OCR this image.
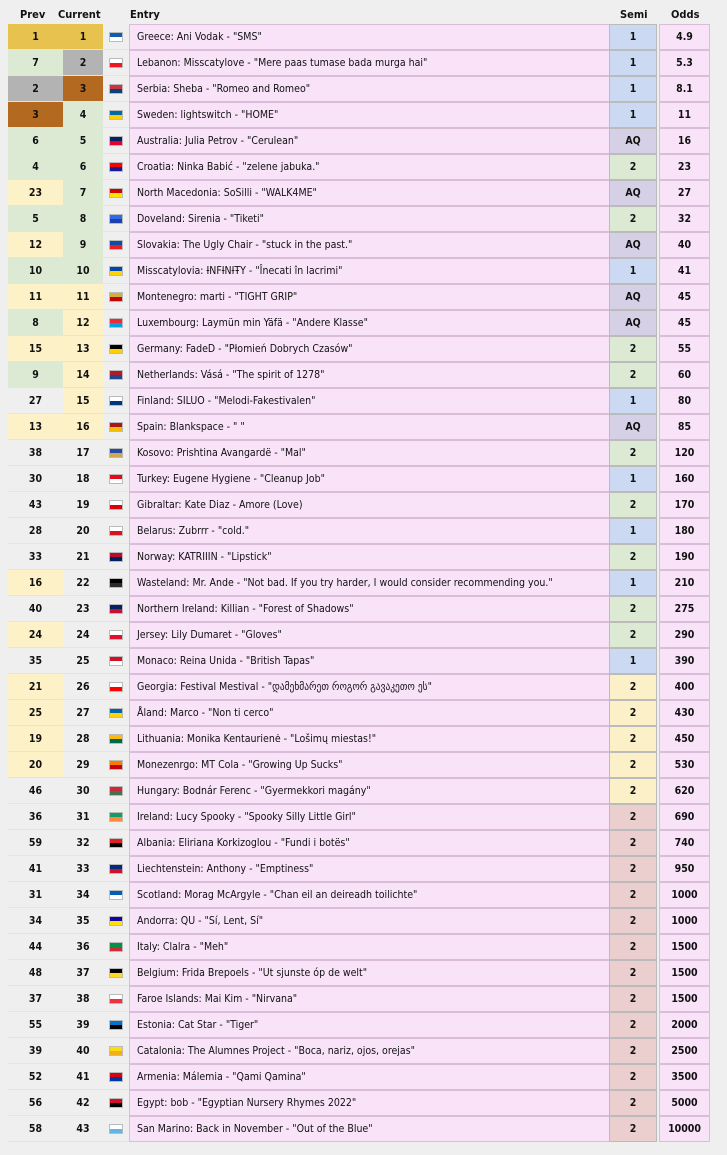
Prev Current	Entry	Semi Odds
1	1	Greece: Ani Vodak - "SMS"	1	4.9
7	2	Lebanon: Misscatylove - "Mere paas tumase bada murga hai"	1	5.3
2	3	Serbia: Sheba - "Romeo and Romeo"	1	8.1
3	4	Sweden: lightswitch - "HOME"	1	11
6	5	Australia: Julia Petrov - "Cerulean"	AQ	16
4	6	Croatia: Ninka Babić - "zelene jabuka."	2	23
23	7	North Macedonia: SoSilli - "WALK4ME"	AQ	27
5	8	Doveland: Sirenia - "Tiketi"	2	32
12	9	Slovakia: The Ugly Chair - "stuck in the past."	AQ	40
10	10	Misscatylovia: ƗNFƗNƗŦY - "Înecati în lacrimi"	1	41
11	11	Montenegro: marti - "TIGHT GRIP"	AQ	45
8	12	Luxembourg: Laymün min Yäfä - "Andere Klasse"	AQ	45
15	13	Germany: FadeD - "Płomień Dobrych Czasów"	2	55
9	14	Netherlands: Vásá - "The spirit of 1278"	2	60
27	15	Finland: SILUO - "Melodi-Fakestivalen"	1	80
13	16	Spain: Blankspace - " "	AQ	85
38	17	Kosovo: Prishtina Avangardë - "Mal"	2	120
30	18	Turkey: Eugene Hygiene - "Cleanup Job"	1	160
43	19	Gibraltar: Kate Diaz - Amore (Love)	2	170
28	20	Belarus: Zubrrr - "cold."	1	180
33	21	Norway: KATRIIIN - "Lipstick"	2	190
16	22	Wasteland: Mr. Ande - "Not bad. If you try harder, I would consider recommending you."	1	210
40	23	Northern Ireland: Killian - "Forest of Shadows"	2	275
24	24	Jersey: Lily Dumaret - "Gloves"	2	290
35	25	Monaco: Reina Unida - "British Tapas"	1	390
21	26	Georgia: Festival Mestival - "დამეხმარეთ როგორ გავაკეთო ეს"	2	400
25	27	Åland: Marco - "Non ti cerco"	2	430
19	28	Lithuania: Monika Kentaurienė - "Lošimų miestas!"	2	450
20	29	Monezenrgo: MT Cola - "Growing Up Sucks"	2	530
46	30	Hungary: Bodnár Ferenc - "Gyermekkori magány"	2	620
36	31	Ireland: Lucy Spooky - "Spooky Silly Little Girl"	2	690
59	32	Albania: Eliriana Korkizoglou - "Fundi i botës"	2	740
41	33	Liechtenstein: Anthony - "Emptiness"	2	950
31	34	Scotland: Morag McArgyle - "Chan eil an deireadh toilichte"	2	1000
34	35	Andorra: QU - "Sí, Lent, Sí"	2	1000
44	36	Italy: Clalra - "Meh"	2	1500
48	37	Belgium: Frida Brepoels - "Ut sjunste óp de welt"	2	1500
37	38	Faroe Islands: Mai Kim - "Nirvana"	2	1500
55	39	Estonia: Cat Star - "Tiger"	2	2000
39	40	Catalonia: The Alumnes Project - "Boca, nariz, ojos, orejas"	2	2500
52	41	Armenia: Málemia - "Qami Qamina"	2	3500
56	42	Egypt: bob - "Egyptian Nursery Rhymes 2022"	2	5000
58	43	San Marino: Back in November - "Out of the Blue"	2	10000
